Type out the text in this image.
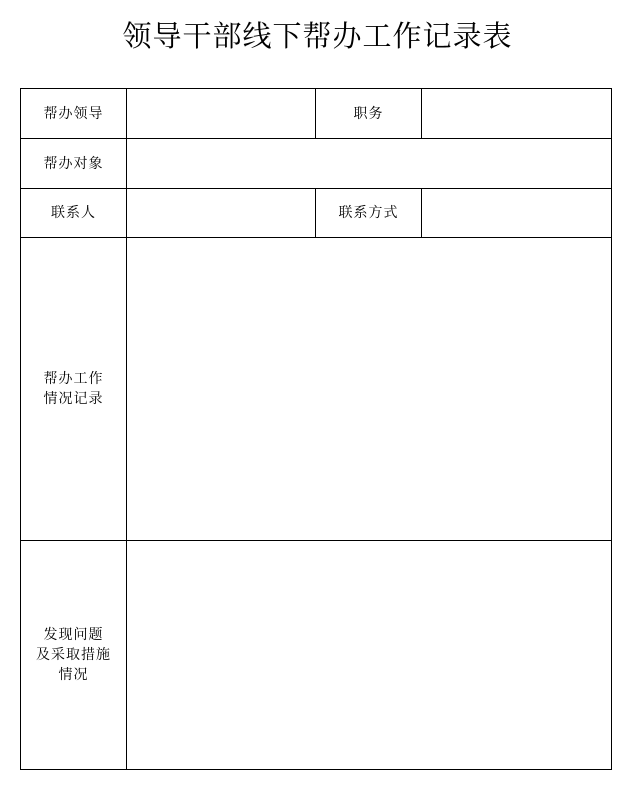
领导干部线下帮办工作记录表
帮办领导		职务	
帮办对象			
联系人		联系方式	
帮办工作
情况记录			
发现问题
及采取措施
情况			
